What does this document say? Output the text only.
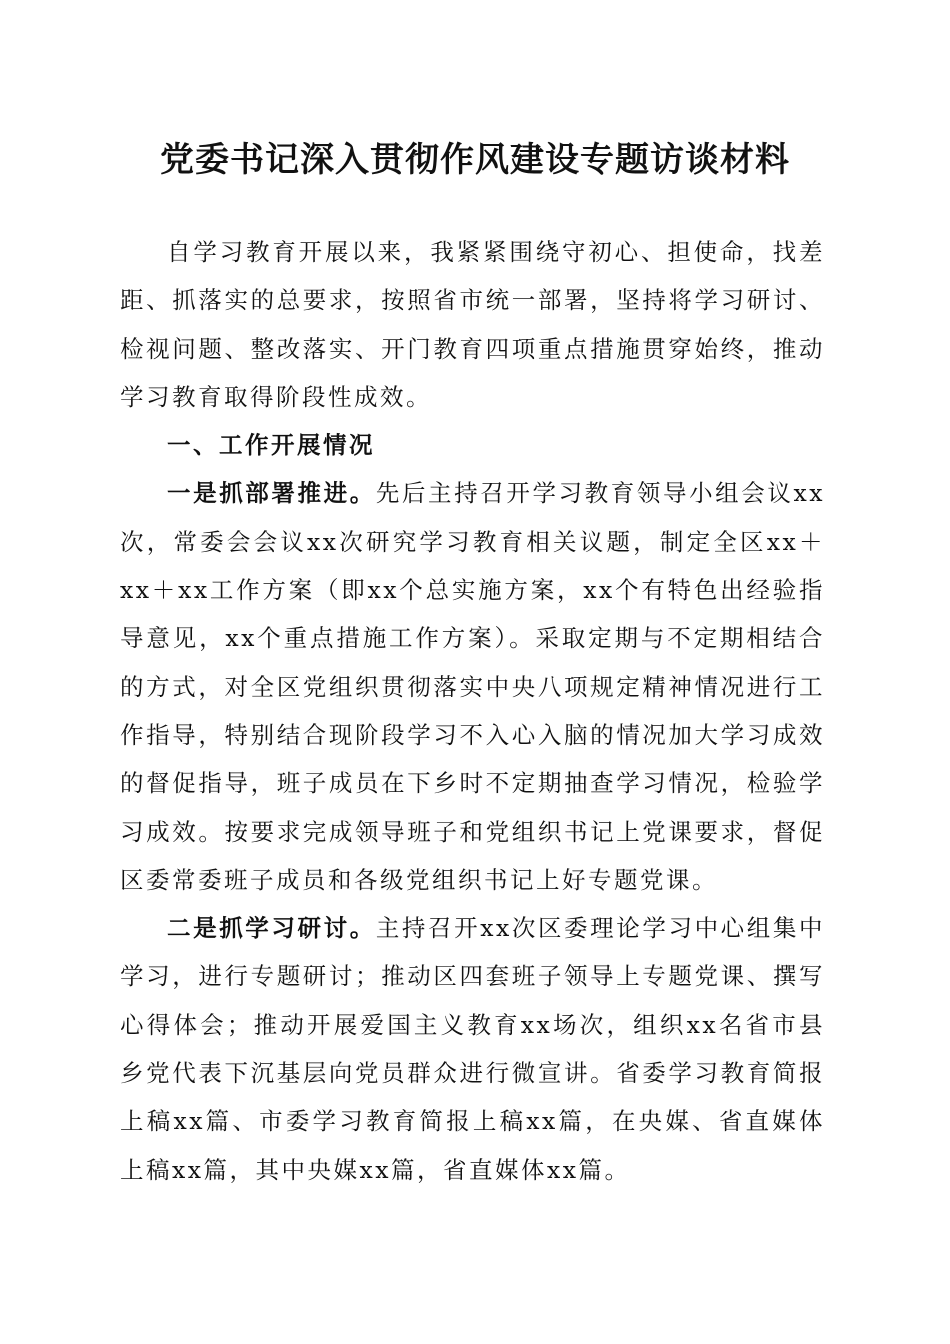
党委书记深入贯彻作风建设专题访谈材料

自学习教育开展以来，我紧紧围绕守初心、担使命，找差距、抓落实的总要求，按照省市统一部署，坚持将学习研讨、检视问题、整改落实、开门教育四项重点措施贯穿始终，推动学习教育取得阶段性成效。

一、工作开展情况

一是抓部署推进。先后主持召开学习教育领导小组会议xx次，常委会会议xx次研究学习教育相关议题，制定全区xx＋xx＋xx工作方案（即xx个总实施方案，xx个有特色出经验指导意见，xx个重点措施工作方案）。采取定期与不定期相结合的方式，对全区党组织贯彻落实中央八项规定精神情况进行工作指导，特别结合现阶段学习不入心入脑的情况加大学习成效的督促指导，班子成员在下乡时不定期抽查学习情况，检验学习成效。按要求完成领导班子和党组织书记上党课要求，督促区委常委班子成员和各级党组织书记上好专题党课。

二是抓学习研讨。主持召开xx次区委理论学习中心组集中学习，进行专题研讨；推动区四套班子领导上专题党课、撰写心得体会；推动开展爱国主义教育xx场次，组织xx名省市县乡党代表下沉基层向党员群众进行微宣讲。省委学习教育简报上稿xx篇、市委学习教育简报上稿xx篇，在央媒、省直媒体上稿xx篇，其中央媒xx篇，省直媒体xx篇。
